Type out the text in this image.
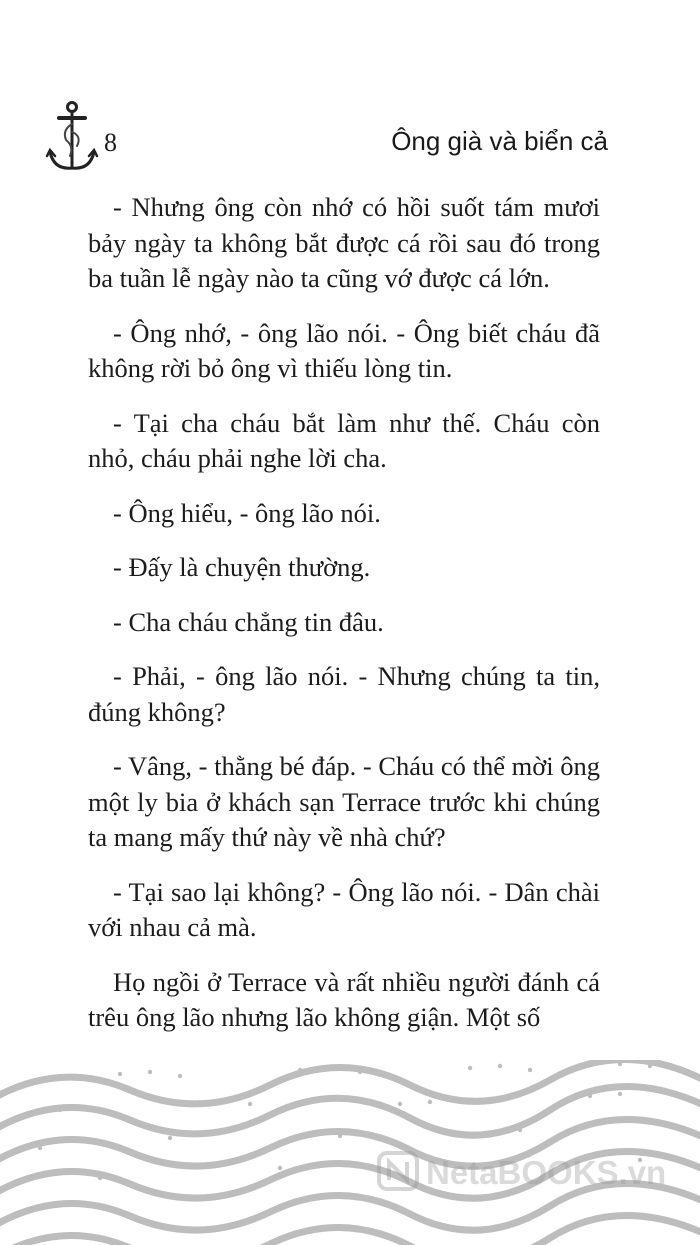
8	Ông già và biển cả

- Nhưng ông còn nhớ có hồi suốt tám mươi bảy ngày ta không bắt được cá rồi sau đó trong ba tuần lễ ngày nào ta cũng vớ được cá lớn.

- Ông nhớ, - ông lão nói. - Ông biết cháu đã không rời bỏ ông vì thiếu lòng tin.

- Tại cha cháu bắt làm như thế. Cháu còn nhỏ, cháu phải nghe lời cha.

- Ông hiểu, - ông lão nói.

- Đấy là chuyện thường.

- Cha cháu chẳng tin đâu.

- Phải, - ông lão nói. - Nhưng chúng ta tin, đúng không?

- Vâng, - thằng bé đáp. - Cháu có thể mời ông một ly bia ở khách sạn Terrace trước khi chúng ta mang mấy thứ này về nhà chứ?

- Tại sao lại không? - Ông lão nói. - Dân chài với nhau cả mà.

Họ ngồi ở Terrace và rất nhiều người đánh cá trêu ông lão nhưng lão không giận. Một số

NetaBOOKS.vn
